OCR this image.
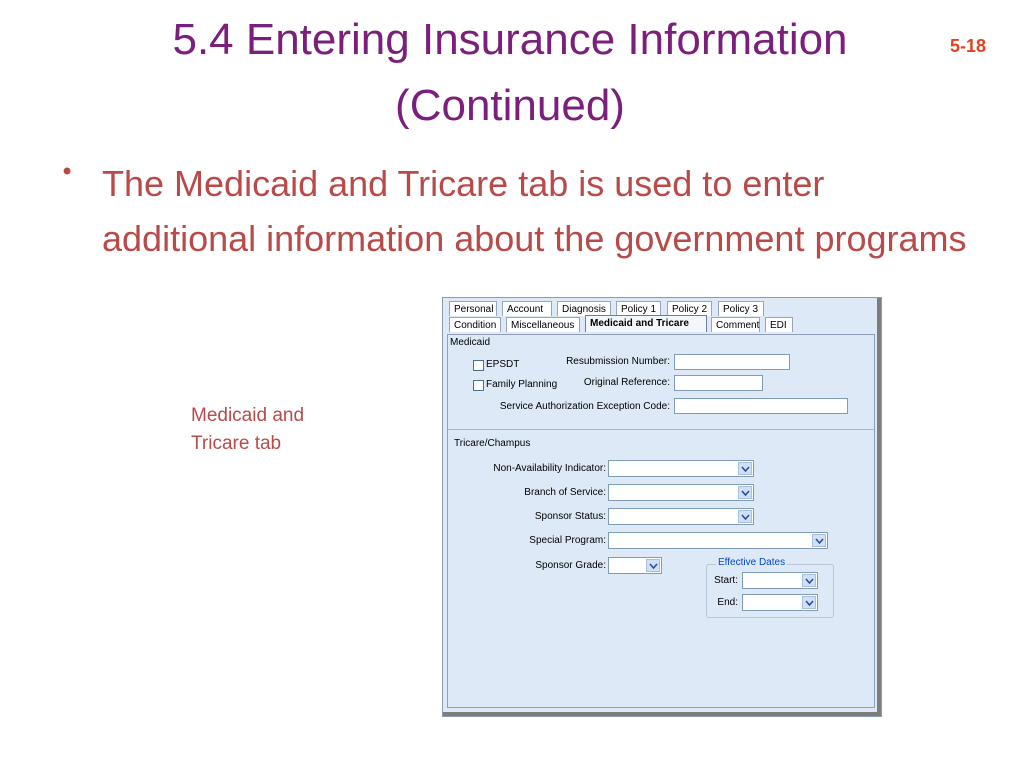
5.4 Entering Insurance Information
(Continued)
5-18
• The Medicaid and Tricare tab is used to enter additional information about the government programs
Medicaid and
Tricare tab
Personal	Account	Diagnosis	Policy 1	Policy 2	Policy 3
Condition	Miscellaneous	Medicaid and Tricare	Comment	EDI
Medicaid
EPSDT
Family Planning
Resubmission Number:
Original Reference:
Service Authorization Exception Code:
Tricare/Champus
Non-Availability Indicator:
Branch of Service:
Sponsor Status:
Special Program:
Sponsor Grade:	Effective Dates
Start:
End:
